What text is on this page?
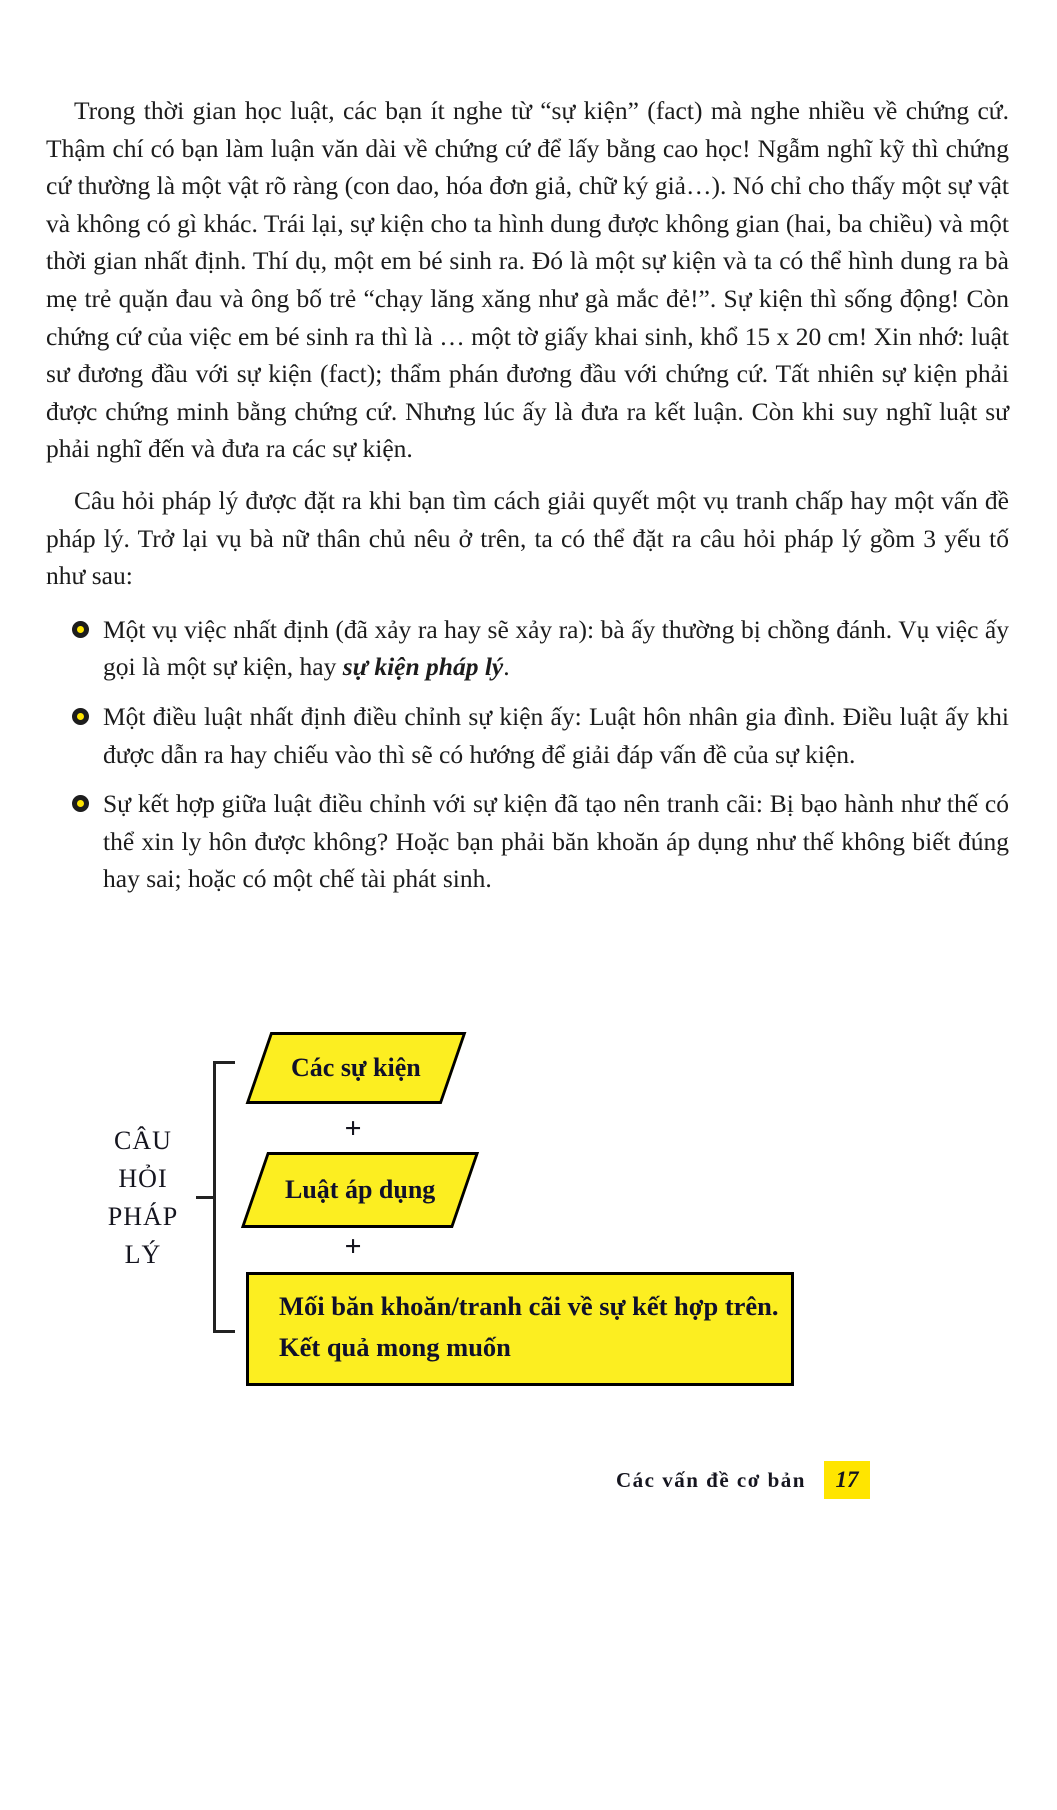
Trong thời gian học luật, các bạn ít nghe từ “sự kiện” (fact) mà nghe nhiều về chứng cứ. Thậm chí có bạn làm luận văn dài về chứng cứ để lấy bằng cao học! Ngẫm nghĩ kỹ thì chứng cứ thường là một vật rõ ràng (con dao, hóa đơn giả, chữ ký giả…). Nó chỉ cho thấy một sự vật và không có gì khác. Trái lại, sự kiện cho ta hình dung được không gian (hai, ba chiều) và một thời gian nhất định. Thí dụ, một em bé sinh ra. Đó là một sự kiện và ta có thể hình dung ra bà mẹ trẻ quặn đau và ông bố trẻ “chạy lăng xăng như gà mắc đẻ!”. Sự kiện thì sống động! Còn chứng cứ của việc em bé sinh ra thì là … một tờ giấy khai sinh, khổ 15 x 20 cm! Xin nhớ: luật sư đương đầu với sự kiện (fact); thẩm phán đương đầu với chứng cứ. Tất nhiên sự kiện phải được chứng minh bằng chứng cứ. Nhưng lúc ấy là đưa ra kết luận. Còn khi suy nghĩ luật sư phải nghĩ đến và đưa ra các sự kiện.

Câu hỏi pháp lý được đặt ra khi bạn tìm cách giải quyết một vụ tranh chấp hay một vấn đề pháp lý. Trở lại vụ bà nữ thân chủ nêu ở trên, ta có thể đặt ra câu hỏi pháp lý gồm 3 yếu tố như sau:

Một vụ việc nhất định (đã xảy ra hay sẽ xảy ra): bà ấy thường bị chồng đánh. Vụ việc ấy gọi là một sự kiện, hay sự kiện pháp lý.
Một điều luật nhất định điều chỉnh sự kiện ấy: Luật hôn nhân gia đình. Điều luật ấy khi được dẫn ra hay chiếu vào thì sẽ có hướng để giải đáp vấn đề của sự kiện.
Sự kết hợp giữa luật điều chỉnh với sự kiện đã tạo nên tranh cãi: Bị bạo hành như thế có thể xin ly hôn được không? Hoặc bạn phải băn khoăn áp dụng như thế không biết đúng hay sai; hoặc có một chế tài phát sinh.
CÂU
HỎI
PHÁP
LÝ
Các sự kiện
+
Luật áp dụng
+
Mối băn khoăn/tranh cãi về sự kết hợp trên.
Kết quả mong muốn
Các vấn đề cơ bản	17
